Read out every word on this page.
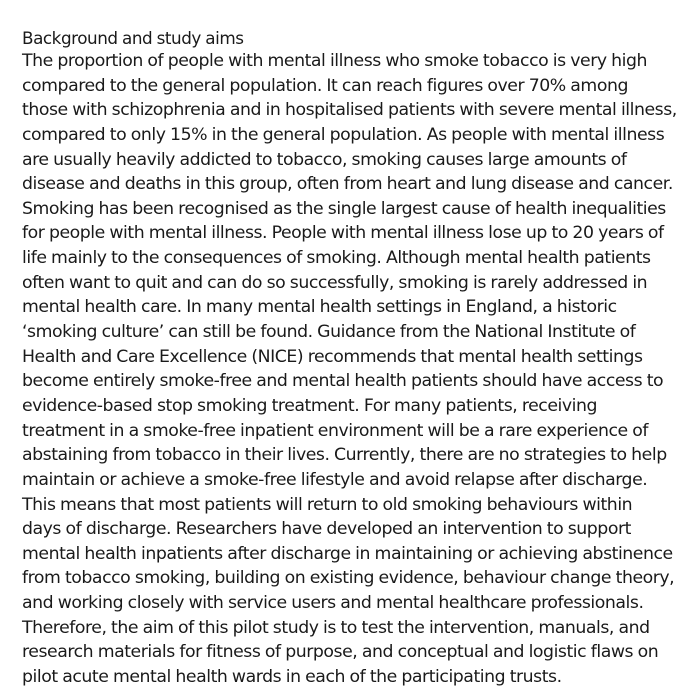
Background and study aims
The proportion of people with mental illness who smoke tobacco is very high
compared to the general population. It can reach figures over 70% among
those with schizophrenia and in hospitalised patients with severe mental illness,
compared to only 15% in the general population. As people with mental illness
are usually heavily addicted to tobacco, smoking causes large amounts of
disease and deaths in this group, often from heart and lung disease and cancer.
Smoking has been recognised as the single largest cause of health inequalities
for people with mental illness. People with mental illness lose up to 20 years of
life mainly to the consequences of smoking. Although mental health patients
often want to quit and can do so successfully, smoking is rarely addressed in
mental health care. In many mental health settings in England, a historic
‘smoking culture’ can still be found. Guidance from the National Institute of
Health and Care Excellence (NICE) recommends that mental health settings
become entirely smoke-free and mental health patients should have access to
evidence-based stop smoking treatment. For many patients, receiving
treatment in a smoke-free inpatient environment will be a rare experience of
abstaining from tobacco in their lives. Currently, there are no strategies to help
maintain or achieve a smoke-free lifestyle and avoid relapse after discharge.
This means that most patients will return to old smoking behaviours within
days of discharge. Researchers have developed an intervention to support
mental health inpatients after discharge in maintaining or achieving abstinence
from tobacco smoking, building on existing evidence, behaviour change theory,
and working closely with service users and mental healthcare professionals.
Therefore, the aim of this pilot study is to test the intervention, manuals, and
research materials for fitness of purpose, and conceptual and logistic flaws on
pilot acute mental health wards in each of the participating trusts.
